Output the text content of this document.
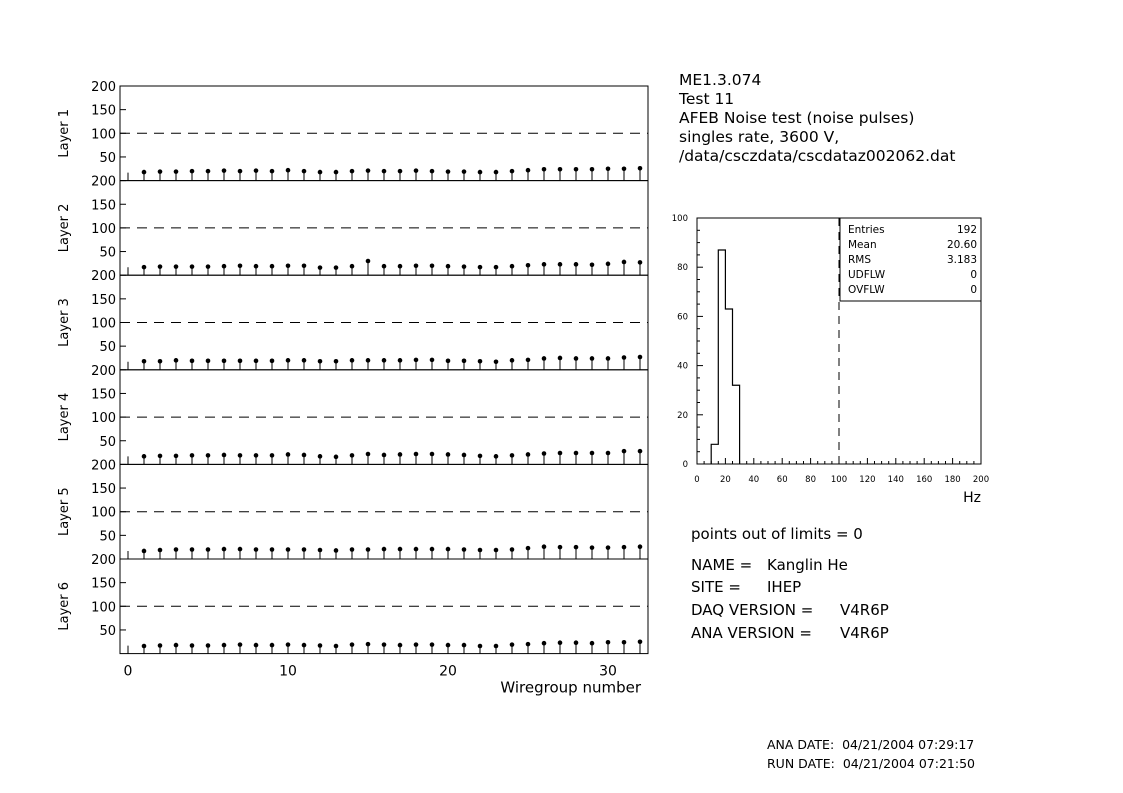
50
100
150
200
Layer 1
50
100
150
200
Layer 2
50
100
150
200
Layer 3
50
100
150
200
Layer 4
50
100
150
200
Layer 5
50
100
150
200
Layer 6
0	10	20	30
Wiregroup number
0 20 40 60 80 100 120 140 160 180 200
0
20
40
60
80
100
Hz
Entries	192
Mean	20.60
RMS	3.183
UDFLW	0
OVFLW	0
ME1.3.074
Test 11
AFEB Noise test (noise pulses)
singles rate, 3600 V,
/data/csczdata/cscdataz002062.dat
points out of limits = 0
NAME = Kanglin He
SITE = IHEP
DAQ VERSION = V4R6P
ANA VERSION = V4R6P
ANA DATE:  04/21/2004 07:29:17
RUN DATE:  04/21/2004 07:21:50
